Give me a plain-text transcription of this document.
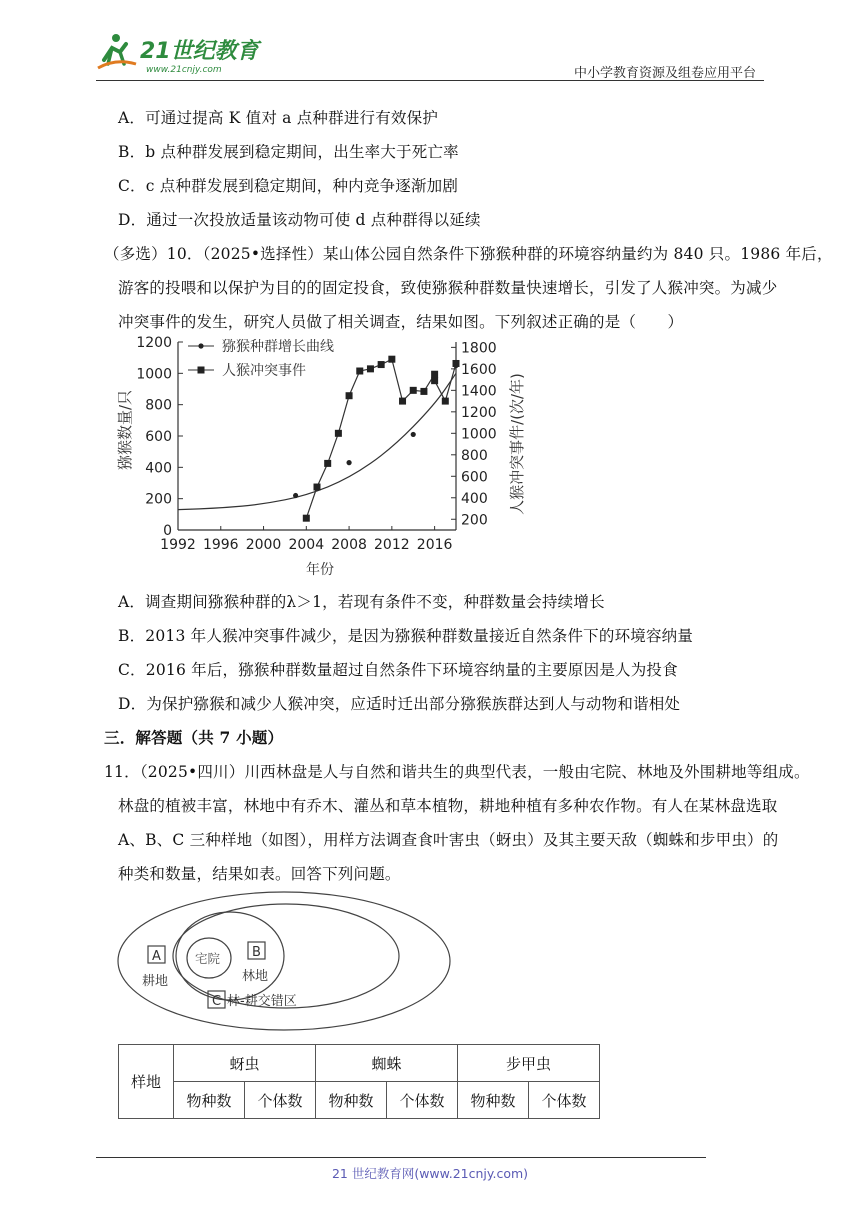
21世纪教育
www.21cnjy.com	中小学教育资源及组卷应用平台
A．可通过提高 K 值对 a 点种群进行有效保护
B．b 点种群发展到稳定期间，出生率大于死亡率
C．c 点种群发展到稳定期间，种内竞争逐渐加剧
D．通过一次投放适量该动物可使 d 点种群得以延续
（多选）10．（2025•选择性）某山体公园自然条件下猕猴种群的环境容纳量约为 840 只。1986 年后，
游客的投喂和以保护为目的的固定投食，致使猕猴种群数量快速增长，引发了人猴冲突。为减少
冲突事件的发生，研究人员做了相关调查，结果如图。下列叙述正确的是（　　）
0
200
400
600
800
1000
1200
200
400
600
800
1000
1200
1400
1600
1800
1992 1996 2000 2004 2008 2012 2016
猕猴种群增长曲线
人猴冲突事件
猕猴数量/只	人猴冲突事件/(次/年)
年份
A．调查期间猕猴种群的λ＞1，若现有条件不变，种群数量会持续增长
B．2013 年人猴冲突事件减少，是因为猕猴种群数量接近自然条件下的环境容纳量
C．2016 年后，猕猴种群数量超过自然条件下环境容纳量的主要原因是人为投食
D．为保护猕猴和减少人猴冲突，应适时迁出部分猕猴族群达到人与动物和谐相处
三．解答题（共 7 小题）
11．（2025•四川）川西林盘是人与自然和谐共生的典型代表，一般由宅院、林地及外围耕地等组成。
林盘的植被丰富，林地中有乔木、灌丛和草本植物，耕地种植有多种农作物。有人在某林盘选取
A、B、C 三种样地（如图），用样方法调查食叶害虫（蚜虫）及其主要天敌（蜘蛛和步甲虫）的
种类和数量，结果如表。回答下列问题。
A
耕地
宅院 B
林地
C 林-耕交错区
样地	蚜虫		蜘蛛		步甲虫	
	物种数	个体数	物种数	个体数	物种数	个体数
21 世纪教育网(www.21cnjy.com)
